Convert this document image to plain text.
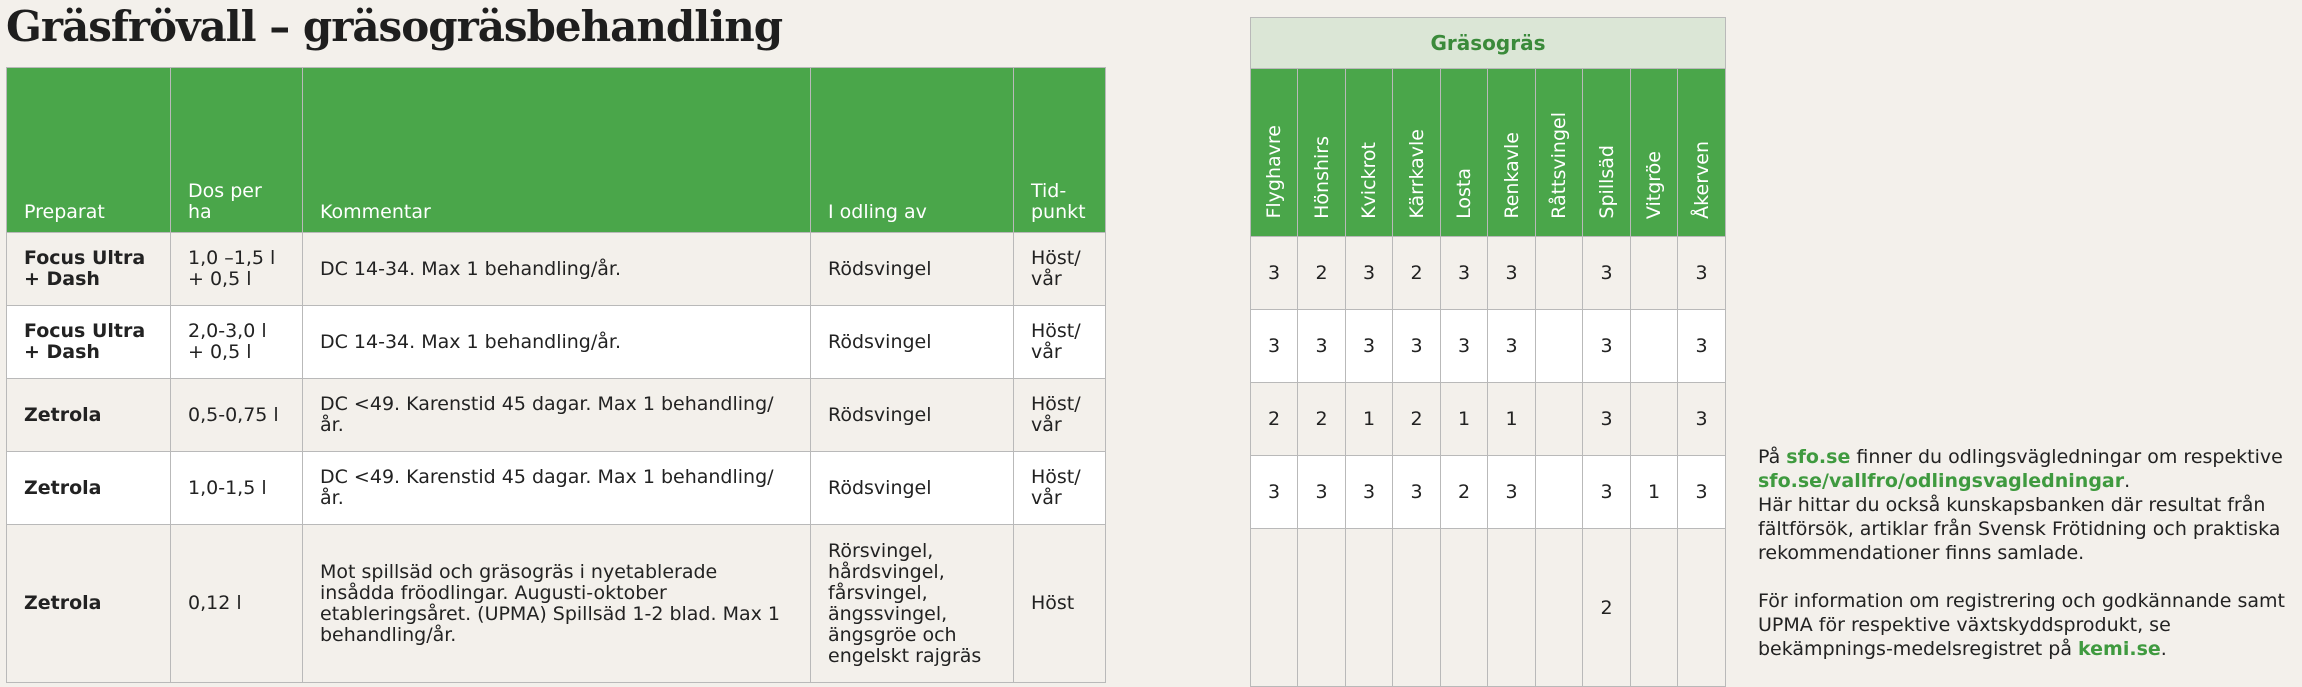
Gräsfrövall – gräsogräsbehandling
Preparat	Dos per ha	Kommentar	I odling av	Tid-
punkt
Focus Ultra + Dash	1,0 –1,5 l + 0,5 l	DC 14-34. Max 1 behandling/år.	Rödsvingel	Höst/ vår
Focus Ultra + Dash	2,0-3,0 l + 0,5 l	DC 14-34. Max 1 behandling/år.	Rödsvingel	Höst/ vår
Zetrola	0,5-0,75 l	DC <49. Karenstid 45 dagar. Max 1 behandling/år.	Rödsvingel	Höst/ vår
Zetrola	1,0-1,5 l	DC <49. Karenstid 45 dagar. Max 1 behandling/år.	Rödsvingel	Höst/ vår
Zetrola	0,12 l	Mot spillsäd och gräsogräs i nyetablerade insådda fröodlingar. Augusti-oktober etableringsåret. (UPMA) Spillsäd 1-2 blad. Max 1 behandling/år.	Rörsvingel, hårdsvingel, fårsvingel, ängssvingel, ängsgröe och engelskt rajgräs	Höst
Gräsogräs									
Flyghavre	Hönshirs	Kvickrot	Kärrkavle	Losta	Renkavle	Råttsvingel	Spillsäd	Vitgröe	Åkerven
3	2	3	2	3	3		3		3
3	3	3	3	3	3		3		3
2	2	1	2	1	1		3		3
3	3	3	3	2	3		3	1	3
							2		

På sfo.se finner du odlingsvägledningar om respektive sfo.se/vallfro/odlingsvagledningar.
Här hittar du också kunskapsbanken där resultat från fältförsök, artiklar från Svensk Frötidning och praktiska rekommendationer finns samlade.

För information om registrering och godkännande samt UPMA för respektive växtskyddsprodukt, se bekämpnings-medelsregistret på kemi.se.
